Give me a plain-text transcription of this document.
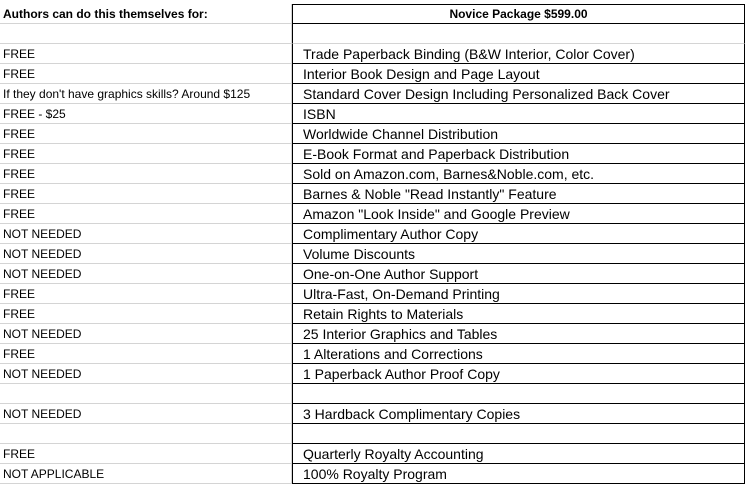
Authors can do this themselves for:	Novice Package $599.00
FREE	Trade Paperback Binding (B&W Interior, Color Cover)
FREE	Interior Book Design and Page Layout
If they don't have graphics skills? Around $125	Standard Cover Design Including Personalized Back Cover
FREE - $25	ISBN
FREE	Worldwide Channel Distribution
FREE	E-Book Format and Paperback Distribution
FREE	Sold on Amazon.com, Barnes&Noble.com, etc.
FREE	Barnes & Noble "Read Instantly" Feature
FREE	Amazon "Look Inside" and Google Preview
NOT NEEDED	Complimentary Author Copy
NOT NEEDED	Volume Discounts
NOT NEEDED	One-on-One Author Support
FREE	Ultra-Fast, On-Demand Printing
FREE	Retain Rights to Materials
NOT NEEDED	25 Interior Graphics and Tables
FREE	1 Alterations and Corrections
NOT NEEDED	1 Paperback Author Proof Copy
NOT NEEDED	3 Hardback Complimentary Copies
FREE	Quarterly Royalty Accounting
NOT APPLICABLE	100% Royalty Program
